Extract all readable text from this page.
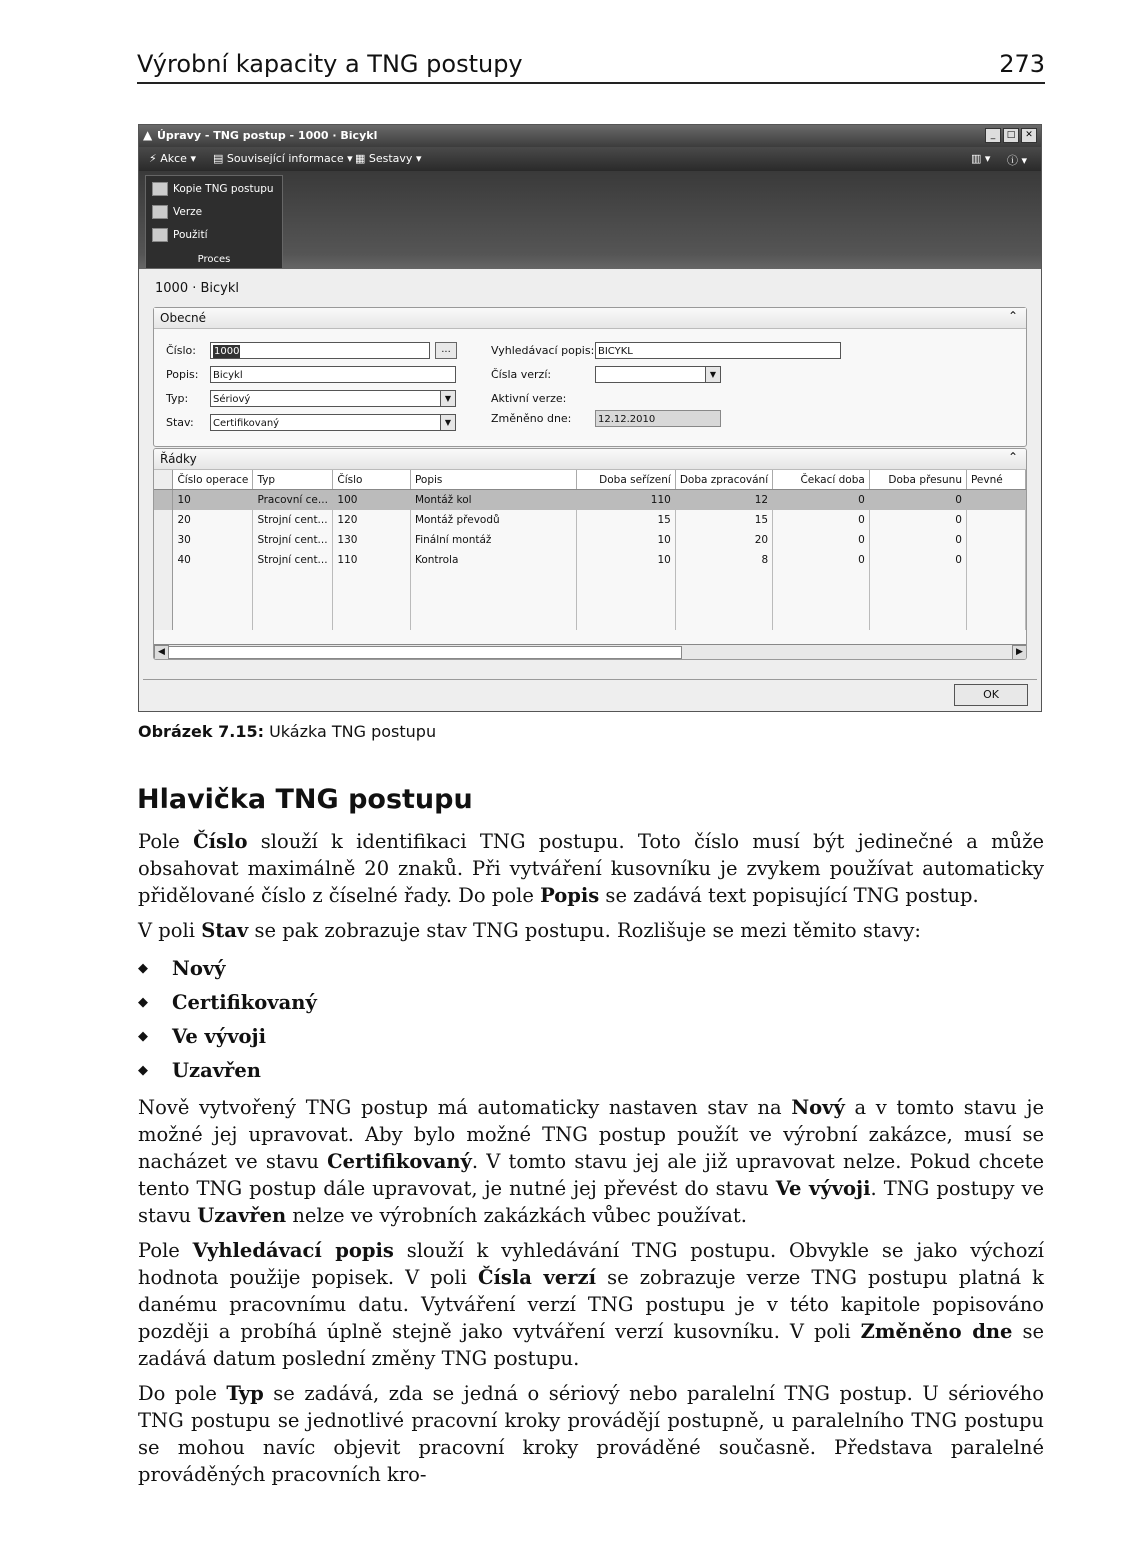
Výrobní kapacity a TNG postupy	273
▲ Úpravy - TNG postup - 1000 · Bicykl	_	□	✕
⚡ Akce ▾ ▤ Související informace ▾ ▦ Sestavy ▾	▥ ▾ ⓘ ▾
Kopie TNG postupu
Verze
Použití
Proces
1000 · Bicykl
Obecné	⌃
Číslo:	1000	...
Popis:	Bicykl
Typ:	Sériový	▼
Stav:	Certifikovaný	▼
Vyhledávací popis: BICYKL
Čísla verzí:	▼
Aktivní verze:
Změněno dne:	12.12.2010
Řádky	⌃
	Číslo operace	Typ	Číslo	Popis	Doba seřízení	Doba zpracování	Čekací doba	Doba přesunu	Pevné
	10	Pracovní ce...	100	Montáž kol	110	12	0	0	
	20	Strojní cent...	120	Montáž převodů	15	15	0	0	
	30	Strojní cent...	130	Finální montáž	10	20	0	0	
	40	Strojní cent...	110	Kontrola	10	8	0	0	

◀	▶
OK
Obrázek 7.15: Ukázka TNG postupu
Hlavička TNG postupu

Pole Číslo slouží k identifikaci TNG postupu. Toto číslo musí být jedinečné a může obsahovat maximálně 20 znaků. Při vytváření kusovníku je zvykem používat automaticky přidělované číslo z číselné řady. Do pole Popis se zadává text popisující TNG postup.

V poli Stav se pak zobrazuje stav TNG postupu. Rozlišuje se mezi těmito stavy:

◆ Nový
◆ Certifikovaný
◆ Ve vývoji
◆ Uzavřen

Nově vytvořený TNG postup má automaticky nastaven stav na Nový a v tomto stavu je možné jej upravovat. Aby bylo možné TNG postup použít ve výrobní zakázce, musí se nacházet ve stavu Certifikovaný. V tomto stavu jej ale již upravovat nelze. Pokud chcete tento TNG postup dále upravovat, je nutné jej převést do stavu Ve vývoji. TNG postupy ve stavu Uzavřen nelze ve výrobních zakázkách vůbec používat.

Pole Vyhledávací popis slouží k vyhledávání TNG postupu. Obvykle se jako výchozí hodnota použije popisek. V poli Čísla verzí se zobrazuje verze TNG postupu platná k danému pracovnímu datu. Vytváření verzí TNG postupu je v této kapitole popisováno později a probíhá úplně stejně jako vytváření verzí kusovníku. V poli Změněno dne se zadává datum poslední změny TNG postupu.

Do pole Typ se zadává, zda se jedná o sériový nebo paralelní TNG postup. U sériového TNG postupu se jednotlivé pracovní kroky provádějí postupně, u paralelního TNG postupu se mohou navíc objevit pracovní kroky prováděné současně. Představa paralelné prováděných pracovních kro-
